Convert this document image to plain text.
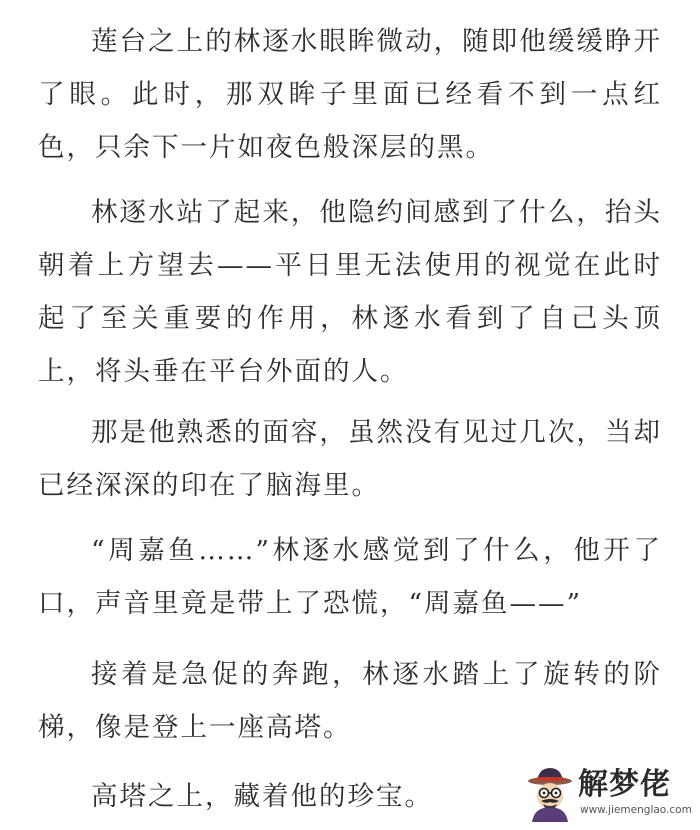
莲台之上的林逐水眼眸微动，随即他缓缓睁开了眼。此时，那双眸子里面已经看不到一点红色，只余下一片如夜色般深层的黑。

林逐水站了起来，他隐约间感到了什么，抬头朝着上方望去——平日里无法使用的视觉在此时起了至关重要的作用，林逐水看到了自己头顶上，将头垂在平台外面的人。

那是他熟悉的面容，虽然没有见过几次，当却已经深深的印在了脑海里。

“周嘉鱼……”林逐水感觉到了什么，他开了口，声音里竟是带上了恐慌，“周嘉鱼——”

接着是急促的奔跑，林逐水踏上了旋转的阶梯，像是登上一座高塔。

高塔之上，藏着他的珍宝。	解梦佬
www.jiemenglao.com
